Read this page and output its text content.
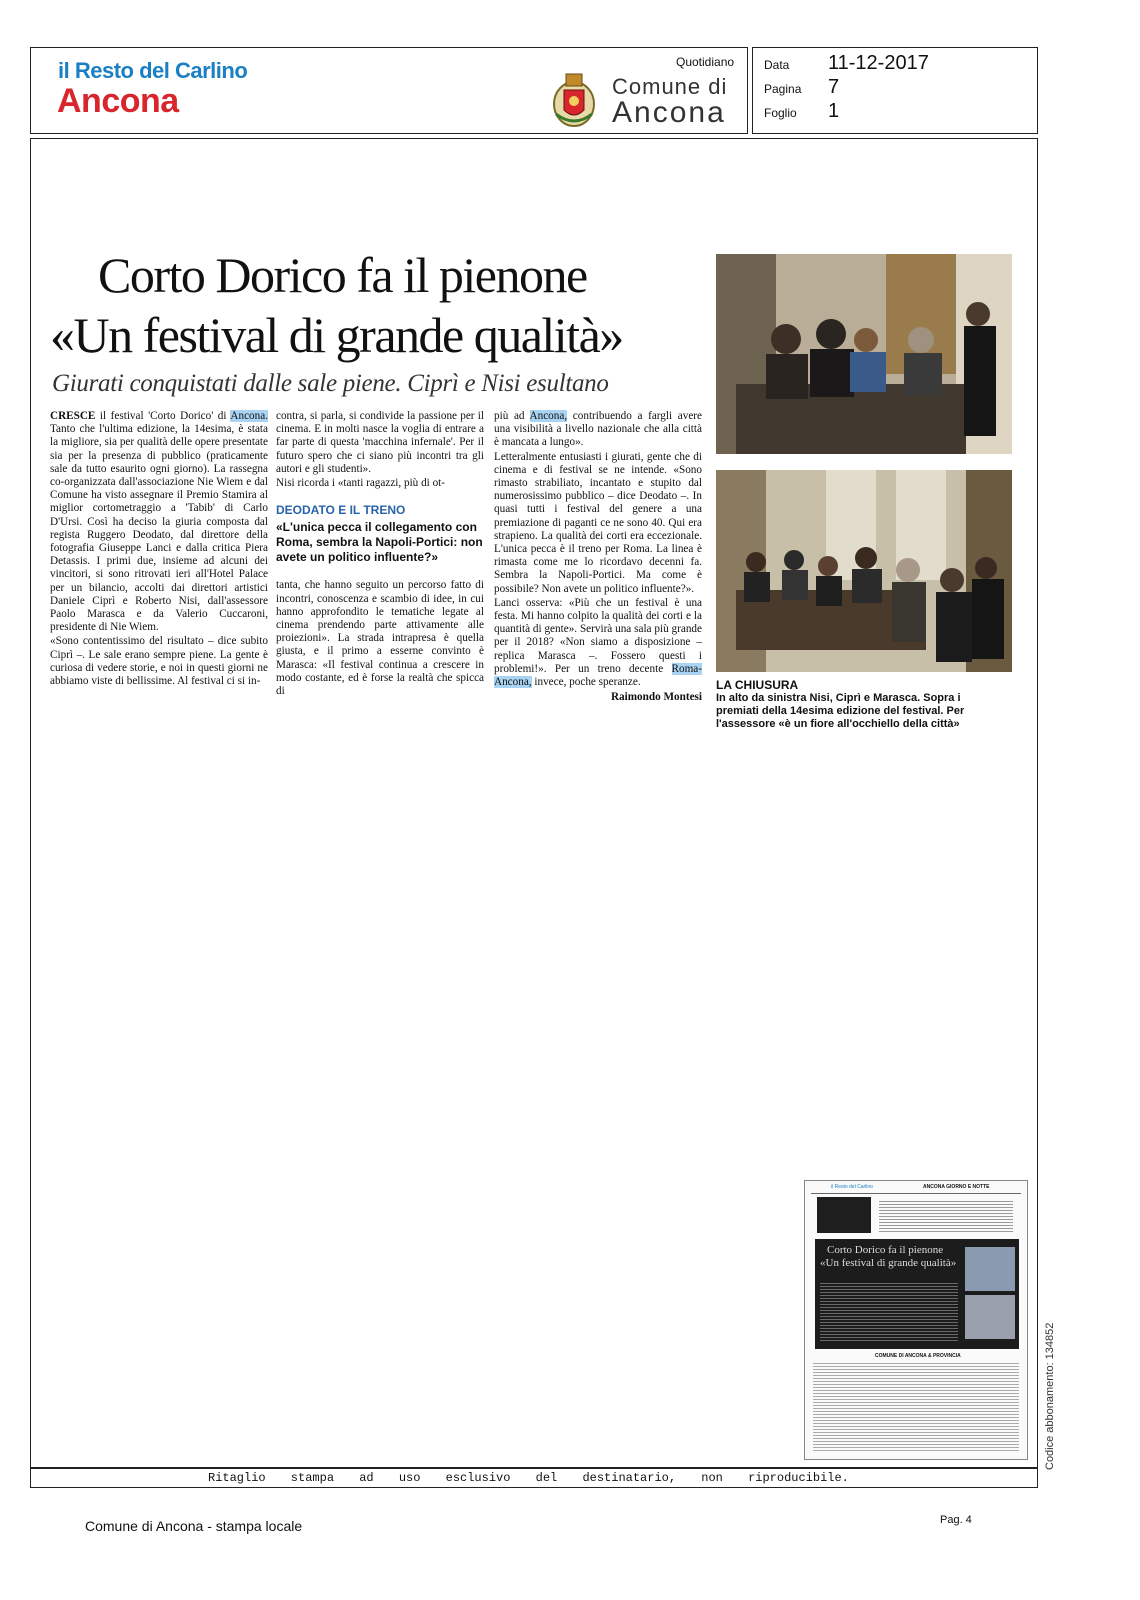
il Resto del Carlino
Ancona
Quotidiano
Comune di
Ancona
Data 11-12-2017
Pagina 7
Foglio 1
Corto Dorico fa il pienone
«Un festival di grande qualità»
Giurati conquistati dalle sale piene. Ciprì e Nisi esultano

CRESCE il festival 'Corto Dorico' di Ancona. Tanto che l'ultima edizione, la 14esima, è stata la migliore, sia per qualità delle opere presentate sia per la presenza di pubblico (praticamente sale da tutto esaurito ogni giorno). La rassegna co-organizzata dall'associazione Nie Wiem e dal Comune ha visto assegnare il Premio Stamira al miglior cortometraggio a 'Tabib' di Carlo D'Ursi. Così ha deciso la giuria composta dal regista Ruggero Deodato, dal direttore della fotografia Giuseppe Lanci e dalla critica Piera Detassis. I primi due, insieme ad alcuni dei vincitori, si sono ritrovati ieri all'Hotel Palace per un bilancio, accolti dai direttori artistici Daniele Ciprì e Roberto Nisi, dall'assessore Paolo Marasca e da Valerio Cuccaroni, presidente di Nie Wiem.

«Sono contentissimo del risultato – dice subito Ciprì –. Le sale erano sempre piene. La gente è curiosa di vedere storie, e noi in questi giorni ne abbiamo viste di bellissime. Al festival ci si in-

contra, si parla, si condivide la passione per il cinema. E in molti nasce la voglia di entrare a far parte di questa 'macchina infernale'. Per il futuro spero che ci siano più incontri tra gli autori e gli studenti».

Nisi ricorda i «tanti ragazzi, più di ot-

DEODATO E IL TRENO
«L'unica pecca il collegamento con Roma, sembra la Napoli-Portici: non avete un politico influente?»

tanta, che hanno seguito un percorso fatto di incontri, conoscenza e scambio di idee, in cui hanno approfondito le tematiche legate al cinema prendendo parte attivamente alle proiezioni». La strada intrapresa è quella giusta, e il primo a esserne convinto è Marasca: «Il festival continua a crescere in modo costante, ed è forse la realtà che spicca di

più ad Ancona, contribuendo a fargli avere una visibilità a livello nazionale che alla città è mancata a lungo».

Letteralmente entusiasti i giurati, gente che di cinema e di festival se ne intende. «Sono rimasto strabiliato, incantato e stupito dal numerosissimo pubblico – dice Deodato –. In quasi tutti i festival del genere a una premiazione di paganti ce ne sono 40. Qui era strapieno. La qualità dei corti era eccezionale. L'unica pecca è il treno per Roma. La linea è rimasta come me lo ricordavo decenni fa. Sembra la Napoli-Portici. Ma come è possibile? Non avete un politico influente?».

Lanci osserva: «Più che un festival è una festa. Mi hanno colpito la qualità dei corti e la quantità di gente». Servirà una sala più grande per il 2018? «Non siamo a disposizione – replica Marasca –. Fossero questi i problemi!». Per un treno decente Roma-Ancona, invece, poche speranze.

Raimondo Montesi
LA CHIUSURA
In alto da sinistra Nisi, Ciprì e Marasca. Sopra i premiati della 14esima edizione del festival. Per l'assessore «è un fiore all'occhiello della città»
il Resto del Carlino	ANCONA GIORNO E NOTTE
Corto Dorico fa il pienone
«Un festival di grande qualità»
COMUNE DI ANCONA & PROVINCIA	Codice abbonamento: 134852
Ritaglio stampa ad uso esclusivo del destinatario, non riproducibile.
Comune di Ancona - stampa locale	Pag. 4
